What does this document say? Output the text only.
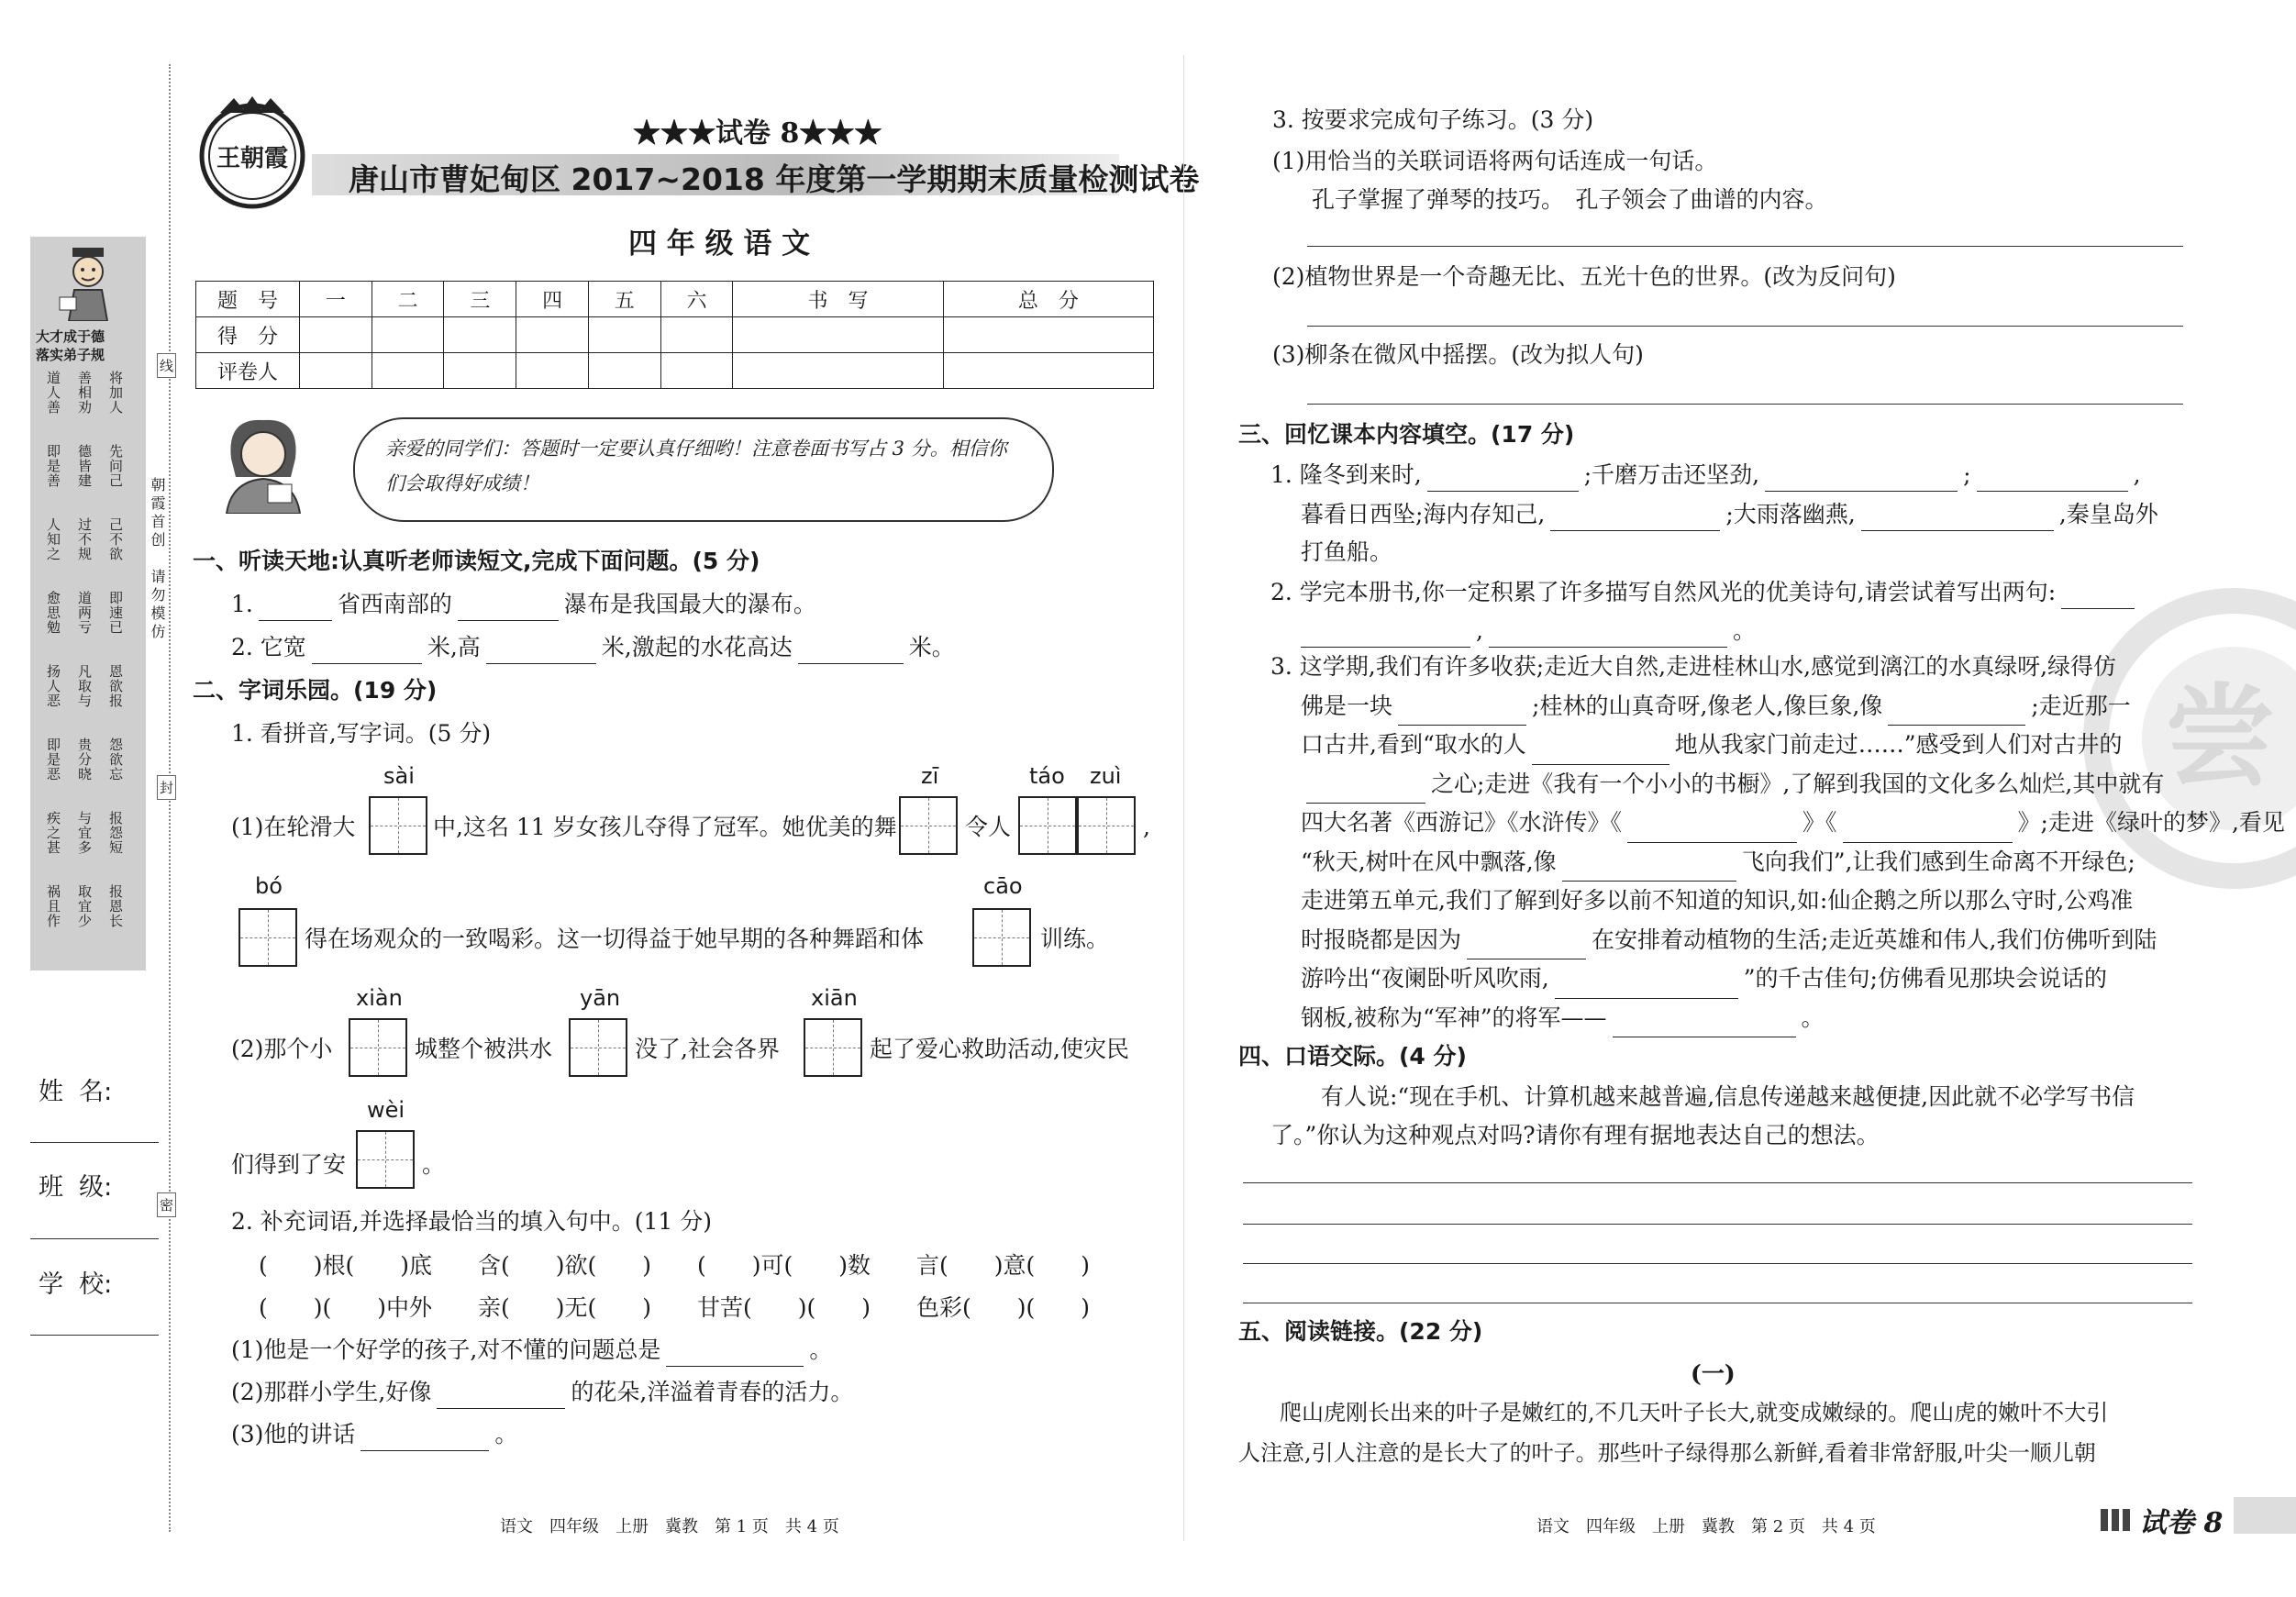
大才成于德
落实弟子规
将加人
善相劝
道人善
先问己
德皆建
即是善
己不欲
过不规
人知之
即速已
道两亏
愈思勉
恩欲报
凡取与
扬人恶
怨欲忘
贵分晓
即是恶
报怨短
与宜多
疾之甚
报恩长
取宜少
祸且作
朝霞首创
请勿模仿
线
封
密
姓  名:
班  级:
学  校:
王朝霞
★★★试卷 8★★★
唐山市曹妃甸区 2017~2018 年度第一学期期末质量检测试卷
四 年 级 语 文
题　号	一	二	三	四	五	六	书　写	总　分
得　分								
评卷人								
亲爱的同学们：答题时一定要认真仔细哟！注意卷面书写占 3 分。相信你们会取得好成绩！
一、听读天地:认真听老师读短文,完成下面问题。(5 分)
1.	省西南部的	瀑布是我国最大的瀑布。
2. 它宽	米,高	米,激起的水花高达	米。
二、字词乐园。(19 分)
1. 看拼音,写字词。(5 分)
sài	zī	táo zuì
(1)在轮滑大	中,这名 11 岁女孩儿夺得了冠军。她优美的舞	令人	,
bó	cāo
得在场观众的一致喝彩。这一切得益于她早期的各种舞蹈和体	训练。
xiàn	yān	xiān
(2)那个小	城整个被洪水	没了,社会各界	起了爱心救助活动,使灾民
wèi
们得到了安	。
2. 补充词语,并选择最恰当的填入句中。(11 分)
(　　)根(　　)底　　含(　　)欲(　　)　　(　　)可(　　)数　　言(　　)意(　　)
(　　)(　　)中外　　亲(　　)无(　　)　　甘苦(　　)(　　)　　色彩(　　)(　　)
(1)他是一个好学的孩子,对不懂的问题总是	。
(2)那群小学生,好像	的花朵,洋溢着青春的活力。
(3)他的讲话	。
语文　四年级　上册　冀教　第 1 页　共 4 页
尝
3. 按要求完成句子练习。(3 分)
(1)用恰当的关联词语将两句话连成一句话。
孔子掌握了弹琴的技巧。　孔子领会了曲谱的内容。
(2)植物世界是一个奇趣无比、五光十色的世界。(改为反问句)
(3)柳条在微风中摇摆。(改为拟人句)
三、回忆课本内容填空。(17 分)
1. 隆冬到来时,	;千磨万击还坚劲,	;	,
暮看日西坠;海内存知己,	;大雨落幽燕,	,秦皇岛外
打鱼船。
2. 学完本册书,你一定积累了许多描写自然风光的优美诗句,请尝试着写出两句:
,	。
3. 这学期,我们有许多收获;走近大自然,走进桂林山水,感觉到漓江的水真绿呀,绿得仿
佛是一块	;桂林的山真奇呀,像老人,像巨象,像	;走近那一
口古井,看到“取水的人	地从我家门前走过……”感受到人们对古井的
之心;走进《我有一个小小的书橱》,了解到我国的文化多么灿烂,其中就有
四大名著《西游记》《水浒传》《	》《	》;走进《绿叶的梦》,看见
“秋天,树叶在风中飘落,像	飞向我们”,让我们感到生命离不开绿色;
走进第五单元,我们了解到好多以前不知道的知识,如:仙企鹅之所以那么守时,公鸡准
时报晓都是因为	在安排着动植物的生活;走近英雄和伟人,我们仿佛听到陆
游吟出“夜阑卧听风吹雨,	”的千古佳句;仿佛看见那块会说话的
钢板,被称为“军神”的将军——	。
四、口语交际。(4 分)
有人说:“现在手机、计算机越来越普遍,信息传递越来越便捷,因此就不必学写书信
了。”你认为这种观点对吗?请你有理有据地表达自己的想法。
五、阅读链接。(22 分)
(一)
爬山虎刚长出来的叶子是嫩红的,不几天叶子长大,就变成嫩绿的。爬山虎的嫩叶不大引
人注意,引人注意的是长大了的叶子。那些叶子绿得那么新鲜,看着非常舒服,叶尖一顺儿朝
语文　四年级　上册　冀教　第 2 页　共 4 页	试卷 8
